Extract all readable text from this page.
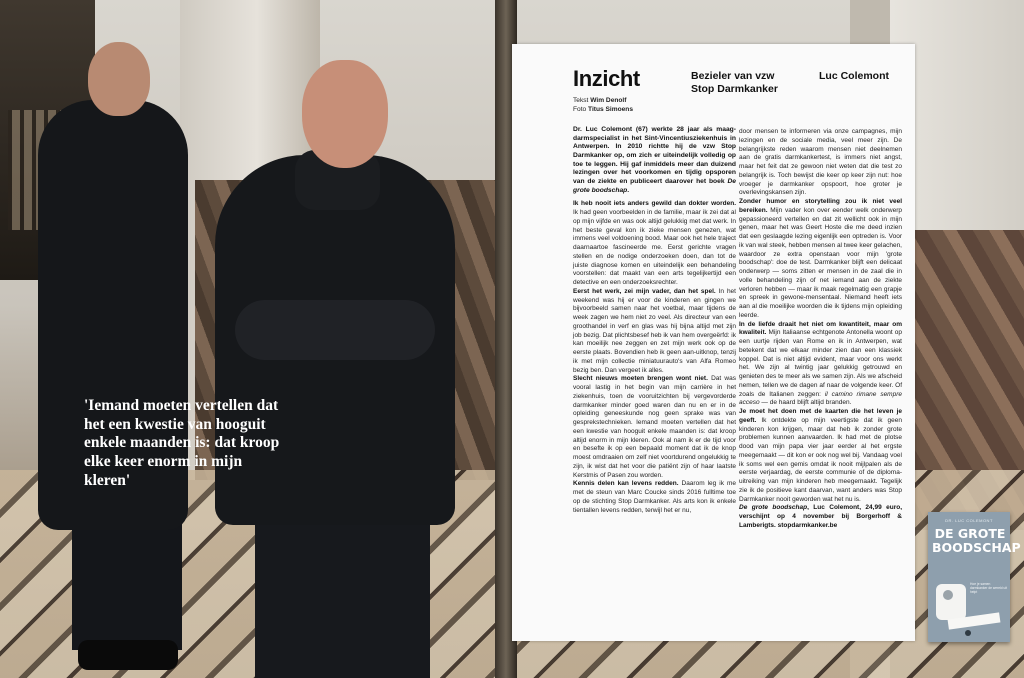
'Iemand moeten vertellen dat het een kwestie van hooguit enkele maanden is: dat kroop elke keer enorm in mijn kleren'

Inzicht	Bezieler van vzw Stop Darmkanker

Luc Colemont

Tekst Wim Denolf
Foto Titus Simoens

Dr. Luc Colemont (67) werkte 28 jaar als maag-darmspecialist in het Sint-Vincentiusziekenhuis in Antwerpen. In 2010 richtte hij de vzw Stop Darmkanker op, om zich er uiteindelijk volledig op toe te leggen. Hij gaf inmiddels meer dan duizend lezingen over het voorkomen en tijdig opsporen van de ziekte en publiceert daarover het boek De grote boodschap.

Ik heb nooit iets anders gewild dan dokter worden. Ik had geen voorbeelden in de familie, maar ik zei dat al op mijn vijfde en was ook altijd gelukkig met dat werk. In het beste geval kon ik zieke mensen genezen, wat immens veel voldoening bood. Maar ook het hele traject daarnaartoe fascineerde me. Eerst gerichte vragen stellen en de nodige onderzoeken doen, dan tot de juiste diagnose komen en uiteindelijk een behandeling voorstellen: dat maakt van een arts tegelijkertijd een detective en een onderzoeksrechter.

Eerst het werk, zei mijn vader, dan het spel. In het weekend was hij er voor de kinderen en gingen we bijvoorbeeld samen naar het voetbal, maar tijdens de week zagen we hem niet zo veel. Als directeur van een groothandel in verf en glas was hij bijna altijd met zijn job bezig. Dat plichtsbesef heb ik van hem overgeërfd: ik kan moeilijk nee zeggen en zet mijn werk ook op de eerste plaats. Bovendien heb ik geen aan-uitknop, tenzij ik met mijn collectie miniatuurauto's van Alfa Romeo bezig ben. Dan vergeet ik alles.

Slecht nieuws moeten brengen wont niet. Dat was vooral lastig in het begin van mijn carrière in het ziekenhuis, toen de vooruitzichten bij vergevorderde darmkanker minder goed waren dan nu en er in de opleiding geneeskunde nog geen sprake was van gesprekstechnieken. Iemand moeten vertellen dat het een kwestie van hooguit enkele maanden is: dat kroop altijd enorm in mijn kleren. Ook al nam ik er de tijd voor en besefte ik op een bepaald moment dat ik de knop moest omdraaien om zelf niet voortdurend ongelukkig te zijn, ik wist dat het voor die patiënt zijn of haar laatste Kerstmis of Pasen zou worden.

Kennis delen kan levens redden. Daarom leg ik me met de steun van Marc Coucke sinds 2016 fulltime toe op de stichting Stop Darmkanker. Als arts kon ik enkele tientallen levens redden, terwijl het er nu,

door mensen te informeren via onze campagnes, mijn lezingen en de sociale media, veel meer zijn. De belangrijkste reden waarom mensen niet deelnemen aan de gratis darmkankertest, is immers niet angst, maar het feit dat ze gewoon niet weten dat die test zo belangrijk is. Toch bewijst die keer op keer zijn nut: hoe vroeger je darmkanker opspoort, hoe groter je overlevingskansen zijn.

Zonder humor en storytelling zou ik niet veel bereiken. Mijn vader kon over eender welk onderwerp gepassioneerd vertellen en dat zit wellicht ook in mijn genen, maar het was Geert Hoste die me deed inzien dat een geslaagde lezing eigenlijk een optreden is. Voor ik van wal steek, hebben mensen al twee keer gelachen, waardoor ze extra openstaan voor mijn 'grote boodschap': doe de test. Darmkanker blijft een delicaat onderwerp — soms zitten er mensen in de zaal die in volle behandeling zijn of net iemand aan de ziekte verloren hebben — maar ik maak regelmatig een grapje en spreek in gewone-mensentaal. Niemand heeft iets aan al die moeilijke woorden die ik tijdens mijn opleiding leerde.

In de liefde draait het niet om kwantiteit, maar om kwaliteit. Mijn Italiaanse echtgenote Antonella woont op een uurtje rijden van Rome en ik in Antwerpen, wat betekent dat we elkaar minder zien dan een klassiek koppel. Dat is niet altijd evident, maar voor ons werkt het. We zijn al twintig jaar gelukkig getrouwd en genieten des te meer als we samen zijn. Als we afscheid nemen, tellen we de dagen af naar de volgende keer. Of zoals de Italianen zeggen: il camino rimane sempre acceso — de haard blijft altijd branden.

Je moet het doen met de kaarten die het leven je geeft. Ik ontdekte op mijn veertigste dat ik geen kinderen kon krijgen, maar dat heb ik zonder grote problemen kunnen aanvaarden. Ik had met de plotse dood van mijn papa vier jaar eerder al het ergste meegemaakt — dit kon er ook nog wel bij. Vandaag voel ik soms wel een gemis omdat ik nooit mijlpalen als de eerste verjaardag, de eerste communie of de diploma-uitreiking van mijn kinderen heb meegemaakt. Tegelijk zie ik de positieve kant daarvan, want anders was Stop Darmkanker nooit geworden wat het nu is.

De grote boodschap, Luc Colemont, 24,99 euro, verschijnt op 4 november bij Borgerhoff & Lamberigts. stopdarmkanker.be

DR. LUC COLEMONT
DE GROTE BOODSCHAP
Hoe je samen darmkanker de wereld uit helpt
